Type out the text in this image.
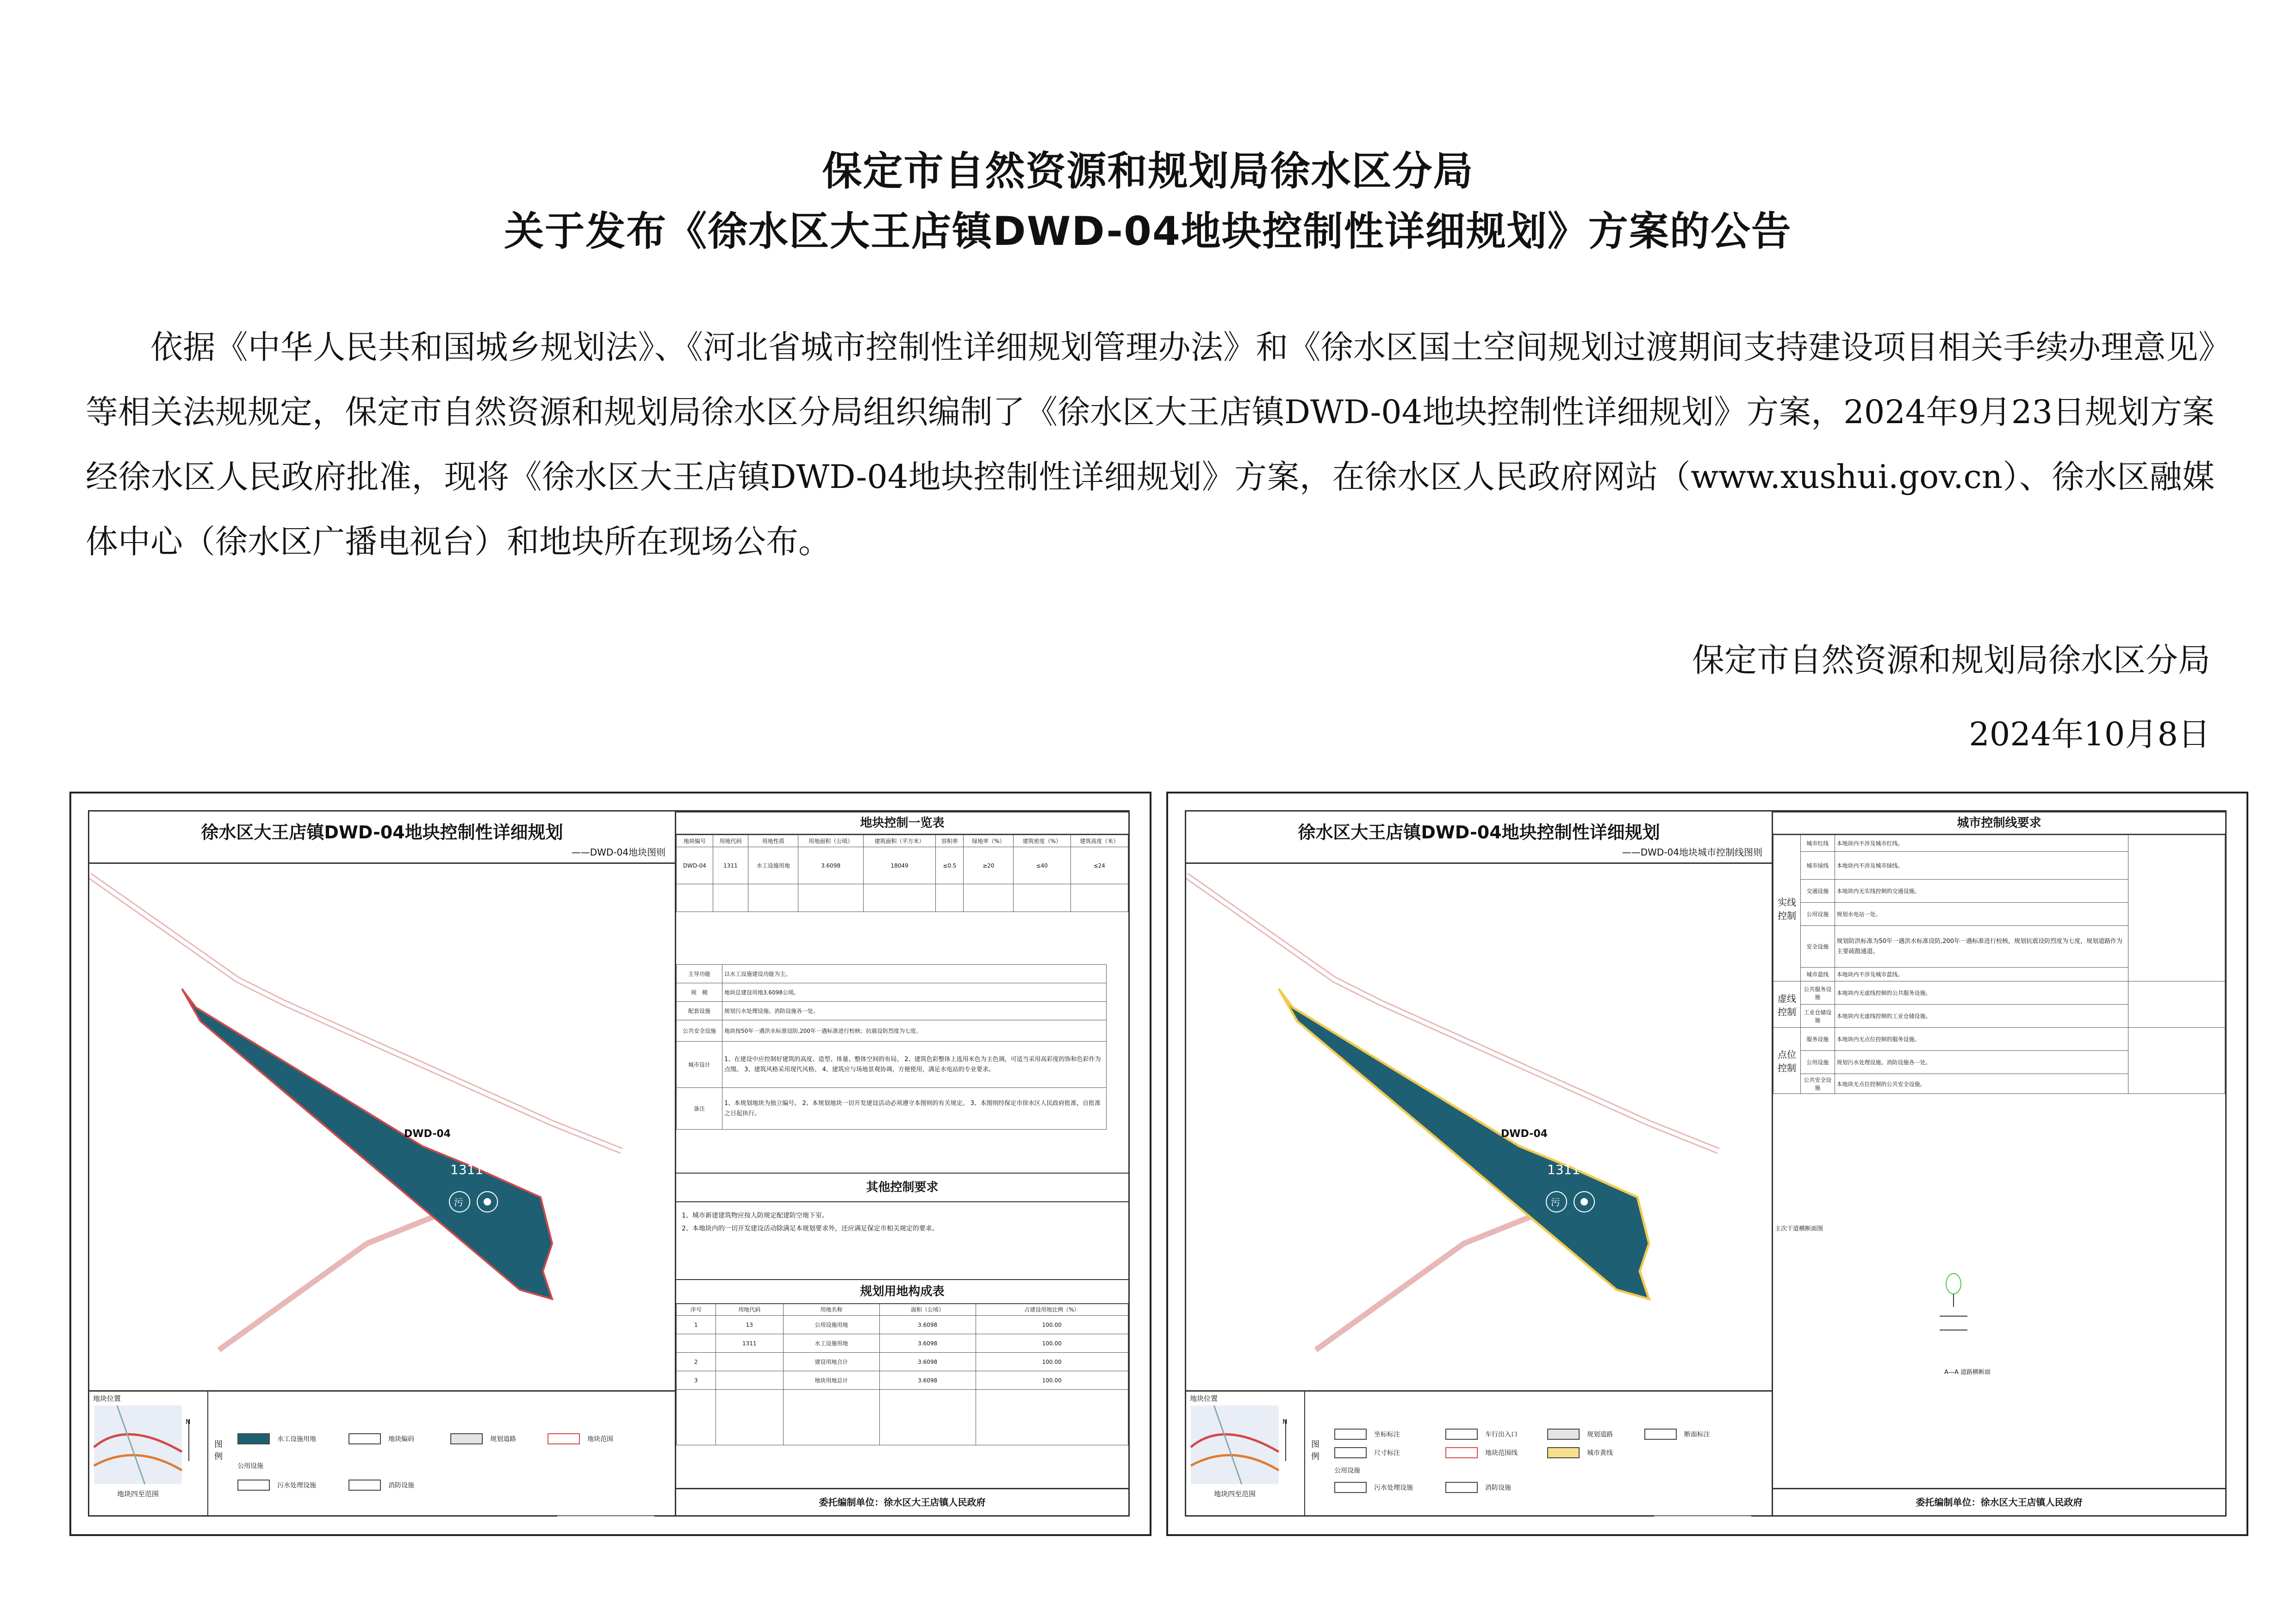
保定市自然资源和规划局徐水区分局
关于发布《徐水区大王店镇DWD-04地块控制性详细规划》方案的公告

依据《中华人民共和国城乡规划法》、《河北省城市控制性详细规划管理办法》和《徐水区国土空间规划过渡期间支持建设项目相关手续办理意见》等相关法规规定，保定市自然资源和规划局徐水区分局组织编制了《徐水区大王店镇DWD-04地块控制性详细规划》方案，2024年9月23日规划方案经徐水区人民政府批准，现将《徐水区大王店镇DWD-04地块控制性详细规划》方案，在徐水区人民政府网站（www.xushui.gov.cn）、徐水区融媒体中心（徐水区广播电视台）和地块所在现场公布。

保定市自然资源和规划局徐水区分局
2024年10月8日
徐水区大王店镇DWD-04地块控制性详细规划
——DWD-04地块图则
DWD-04
1311
污
地块位置
N
地块四至范围
图例
水工设施用地	地块编码	规划道路	地块范围
公用设施
污水处理设施	消防设施
地块控制一览表
地块编号	用地代码	用地性质	用地面积（公顷）	建筑面积（平方米）	容积率	绿地率（%）	建筑密度（%）	建筑高度（米）
DWD-04	1311	水工设施用地	3.6098	18049	≤0.5	≥20	≤40	≤24

主导功能	以水工设施建设功能为主。
规　模	地块总建设用地3.6098公顷。
配套设施	规划污水处理设施、消防设施各一处。
公共安全设施	地块按50年一遇洪水标准设防,200年一遇标准进行校核；抗震设防烈度为七度。
城市设计	1、在建设中应控制好建筑的高度、造型、体量、整体空间的布局。 2、建筑色彩整体上选用米色为主色调，可适当采用高彩度的饰和色彩作为点缀。 3、建筑风格采用现代风格。 4、建筑应与场地景观协调，方便使用，满足水电站的专业要求。
备注	1、本规划地块为独立编号。 2、本规划地块一切开发建设活动必须遵守本图则的有关规定。 3、本图则经保定市徐水区人民政府批准，自批准之日起执行。
其他控制要求
1、城市新建建筑物应按人防规定配建防空地下室。
2、本地块内的一切开发建设活动除满足本规划要求外，还应满足保定市相关规定的要求。
规划用地构成表
序号	用地代码	用地名称	面积（公顷）	占建设用地比例（%）
1	13	公用设施用地	3.6098	100.00
	1311	水工设施用地	3.6098	100.00
2		建设用地合计	3.6098	100.00
3		地块用地总计	3.6098	100.00

委托编制单位：徐水区大王店镇人民政府
徐水区大王店镇DWD-04地块控制性详细规划
——DWD-04地块城市控制线图则
DWD-04
1311
污
地块位置
N
地块四至范围
图例
坐标标注	车行出入口	规划道路	断面标注
尺寸标注	地块范围线	城市黄线
公用设施
污水处理设施	消防设施
城市控制线要求
实线控制	城市红线	本地块内不涉及城市红线。	
	城市绿线	本地块内不涉及城市绿线。	
	交通设施	本地块内无实线控制的交通设施。	
	公用设施	规划水电站一处。	
	安全设施	规划防洪标准为50年一遇洪水标准设防,200年一遇标准进行校核，规划抗震设防烈度为七度，规划道路作为主要疏散通道。	
	城市蓝线	本地块内不涉及城市蓝线。	
虚线控制	公共服务设施	本地块内无虚线控制的公共服务设施。	
	工业仓储设施	本地块内无虚线控制的工业仓储设施。	
点位控制	服务设施	本地块内无点位控制的服务设施。	
	公用设施	规划污水处理设施、消防设施各一处。	
	公共安全设施	本地块无点位控制的公共安全设施。	
主次干道横断面图
A—A 道路横断面
委托编制单位：徐水区大王店镇人民政府
